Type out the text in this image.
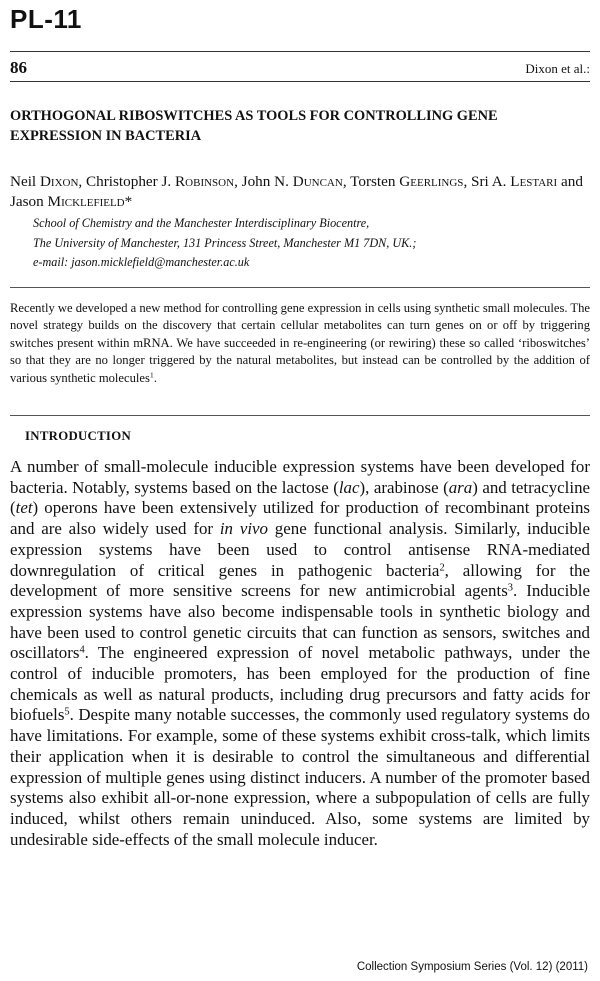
PL-11
86	Dixon et al.:
ORTHOGONAL RIBOSWITCHES AS TOOLS FOR CONTROLLING GENE EXPRESSION IN BACTERIA

Neil Dixon, Christopher J. Robinson, John N. Duncan, Torsten Geerlings, Sri A. Lestari and Jason Micklefield*

School of Chemistry and the Manchester Interdisciplinary Biocentre,
The University of Manchester, 131 Princess Street, Manchester M1 7DN, UK.;
e-mail: jason.micklefield@manchester.ac.uk

Recently we developed a new method for controlling gene expression in cells using synthetic small molecules. The novel strategy builds on the discovery that certain cellular metabolites can turn genes on or off by triggering switches present within mRNA. We have succeeded in re-engineering (or rewiring) these so called ‘riboswitches’ so that they are no longer triggered by the natural metabolites, but instead can be controlled by the addition of various synthetic molecules$^1$.

INTRODUCTION

A number of small-molecule inducible expression systems have been developed for bacteria. Notably, systems based on the lactose (lac), arabinose (ara) and tetracycline (tet) operons have been extensively utilized for production of recombinant proteins and are also widely used for in vivo gene functional analysis. Similarly, inducible expression systems have been used to control antisense RNA-mediated downregulation of critical genes in pathogenic bacteria$^2$, allowing for the development of more sensitive screens for new antimicrobial agents$^3$. Inducible expression systems have also become indispensable tools in synthetic biology and have been used to control genetic circuits that can function as sensors, switches and oscillators$^4$. The engineered expression of novel metabolic pathways, under the control of inducible promoters, has been employed for the production of fine chemicals as well as natural products, including drug precursors and fatty acids for biofuels$^5$. Despite many notable successes, the commonly used regulatory systems do have limitations. For example, some of these systems exhibit cross-talk, which limits their application when it is desirable to control the simultaneous and differential expression of multiple genes using distinct inducers. A number of the promoter based systems also exhibit all-or-none expression, where a subpopulation of cells are fully induced, whilst others remain uninduced. Also, some systems are limited by undesirable side-effects of the small molecule inducer.

Collection Symposium Series (Vol. 12) (2011)
